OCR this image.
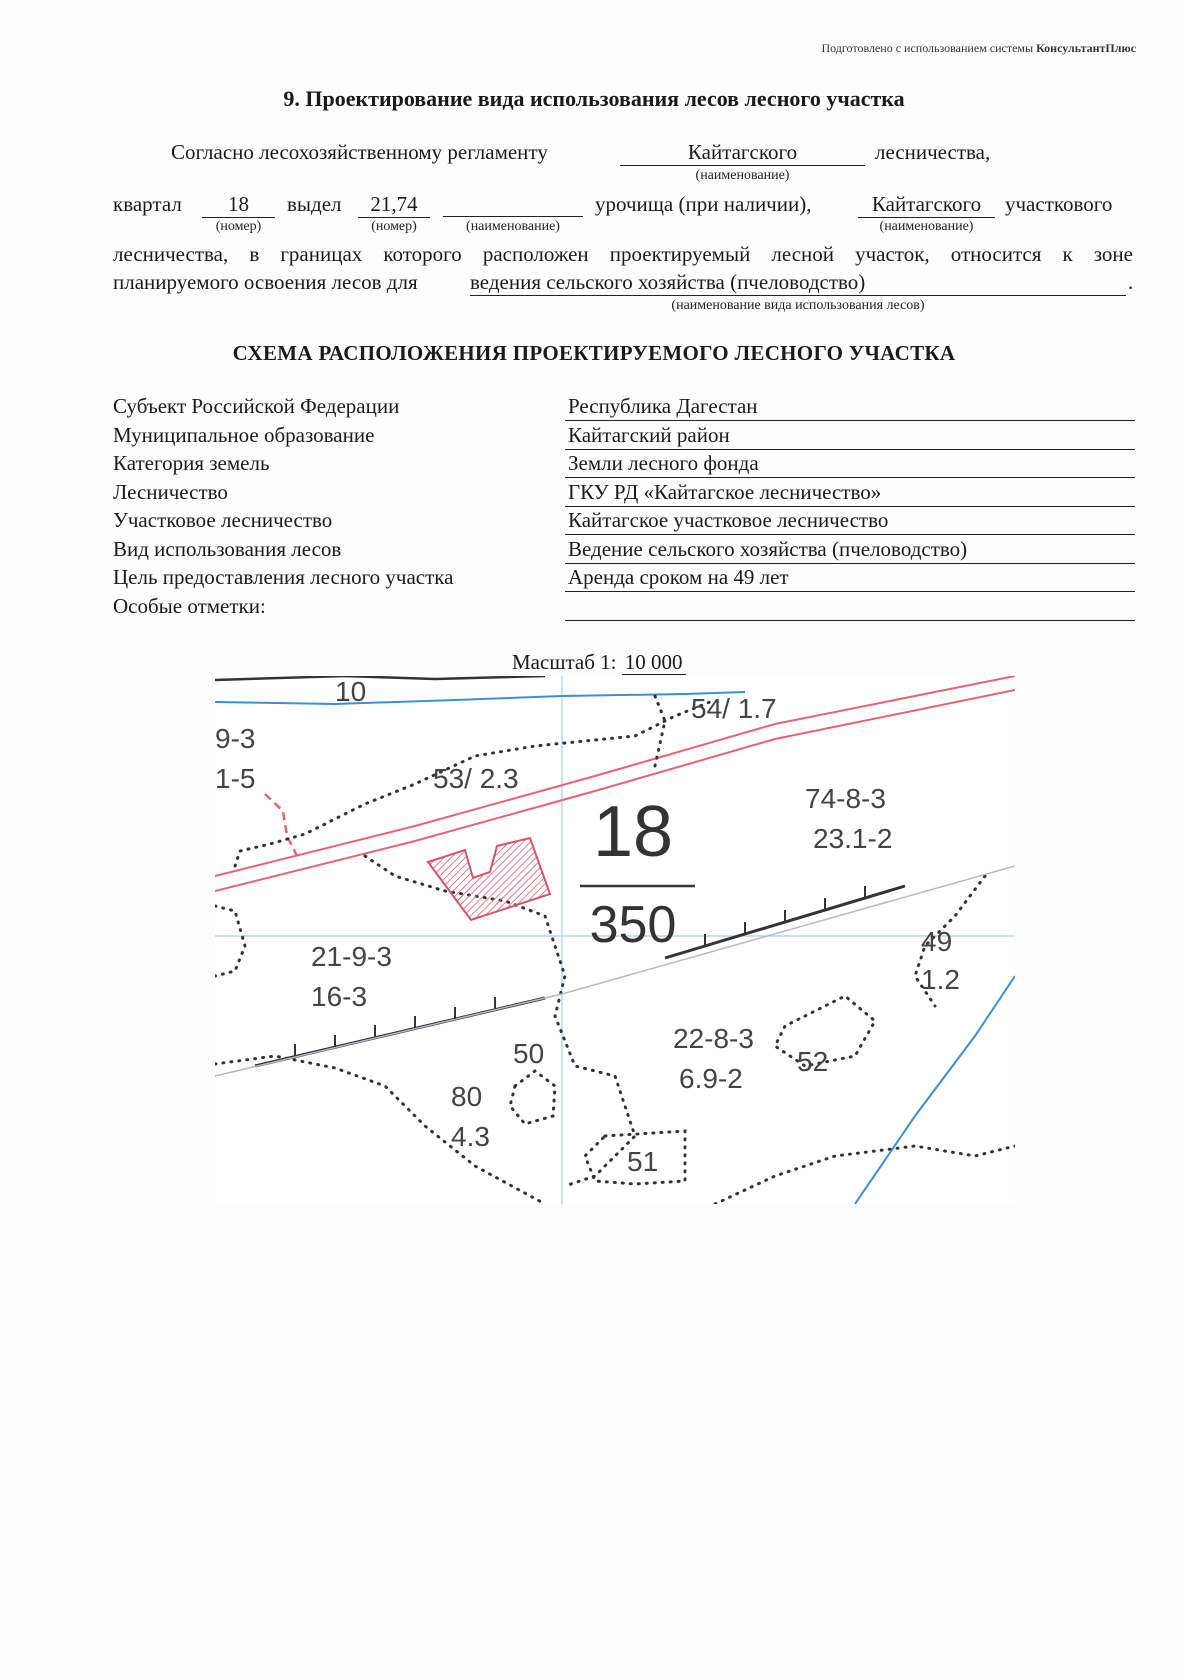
Подготовлено с использованием системы КонсультантПлюс
9. Проектирование вида использования лесов лесного участка
Согласно лесохозяйственному регламенту	Кайтагского	лесничества,
(наименование)
квартал	18
(номер)
выдел	21,74
(номер)	(наименование)
урочища (при наличии),	Кайтагского
(наименование)
участкового
лесничества, в границах которого расположен проектируемый лесной участок, относится к зоне
планируемого освоения лесов для ведения сельского хозяйства (пчеловодство)	.
(наименование вида использования лесов)
СХЕМА РАСПОЛОЖЕНИЯ ПРОЕКТИРУЕМОГО ЛЕСНОГО УЧАСТКА
Субъект Российской Федерации	Республика Дагестан
Муниципальное образование	Кайтагский район
Категория земель	Земли лесного фонда
Лесничество	ГКУ РД «Кайтагское лесничество»
Участковое лесничество	Кайтагское участковое лесничество
Вид использования лесов	Ведение сельского хозяйства (пчеловодство)
Цель предоставления лесного участка	Аренда сроком на 49 лет
Особые отметки:
Масштаб 1: 10 000
18
350
10
54/ 1.7
9-3
1-5	53/ 2.3
74-8-3
23.1-2
21-9-3
16-3
49
1.2
22-8-3
6.9-2
52
50
80
4.3
51
